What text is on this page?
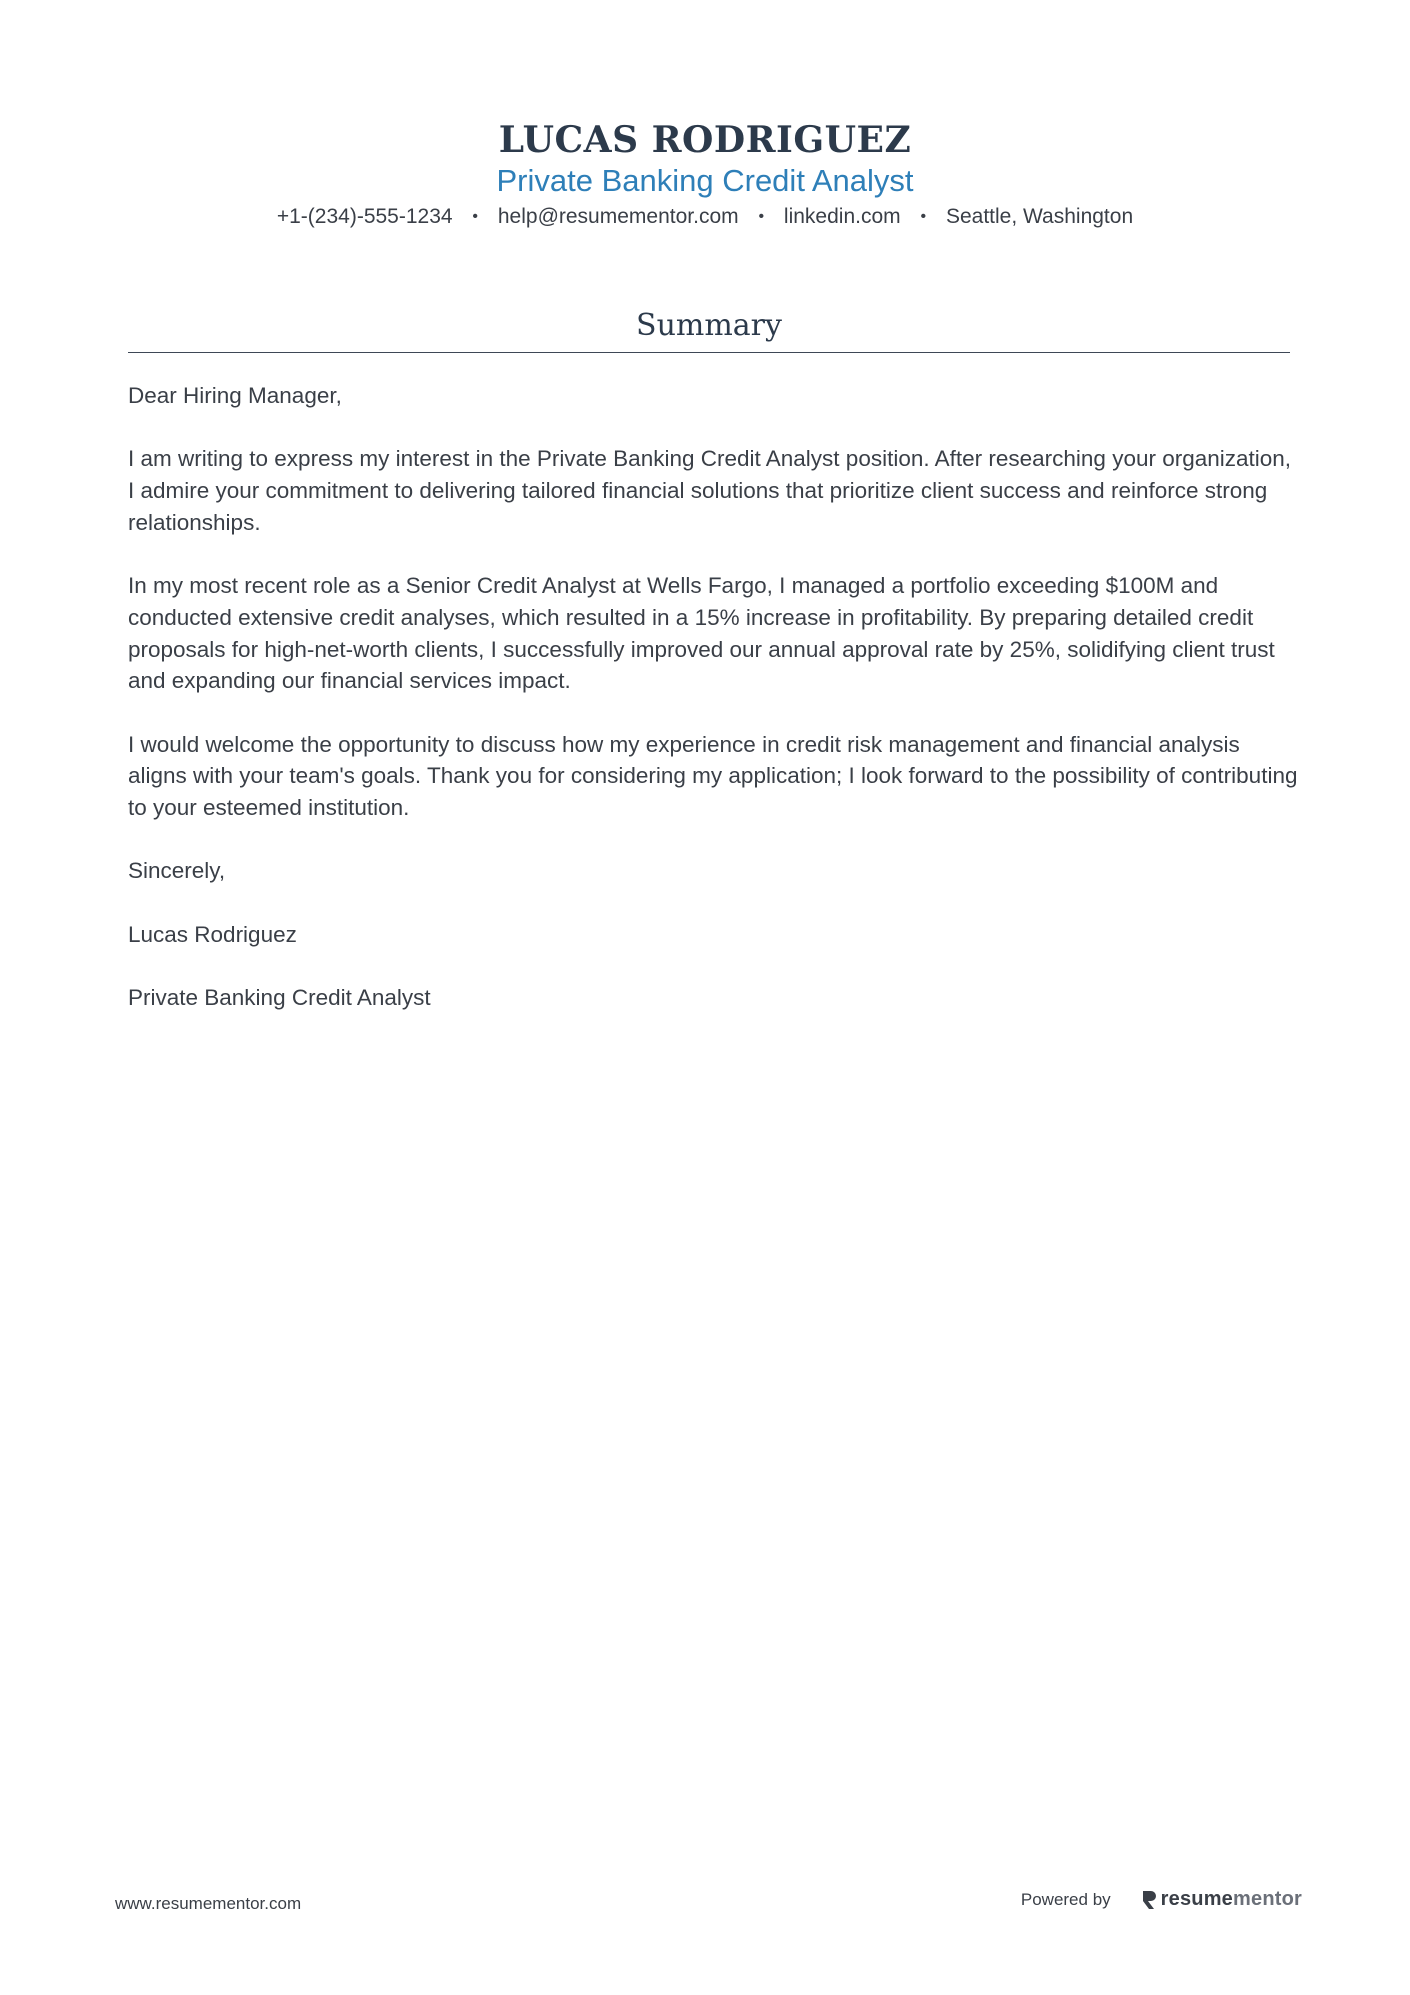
LUCAS RODRIGUEZ
Private Banking Credit Analyst
+1-(234)-555-1234 • help@resumementor.com • linkedin.com • Seattle, Washington
Summary

Dear Hiring Manager,

I am writing to express my interest in the Private Banking Credit Analyst position. After researching your organization, I admire your commitment to delivering tailored financial solutions that prioritize client success and reinforce strong relationships.

In my most recent role as a Senior Credit Analyst at Wells Fargo, I managed a portfolio exceeding $100M and conducted extensive credit analyses, which resulted in a 15% increase in profitability. By preparing detailed credit proposals for high-net-worth clients, I successfully improved our annual approval rate by 25%, solidifying client trust and expanding our financial services impact.

I would welcome the opportunity to discuss how my experience in credit risk management and financial analysis aligns with your team's goals. Thank you for considering my application; I look forward to the possibility of contributing to your esteemed institution.

Sincerely,

Lucas Rodriguez

Private Banking Credit Analyst

www.resumementor.com	Powered by	resume mentor
